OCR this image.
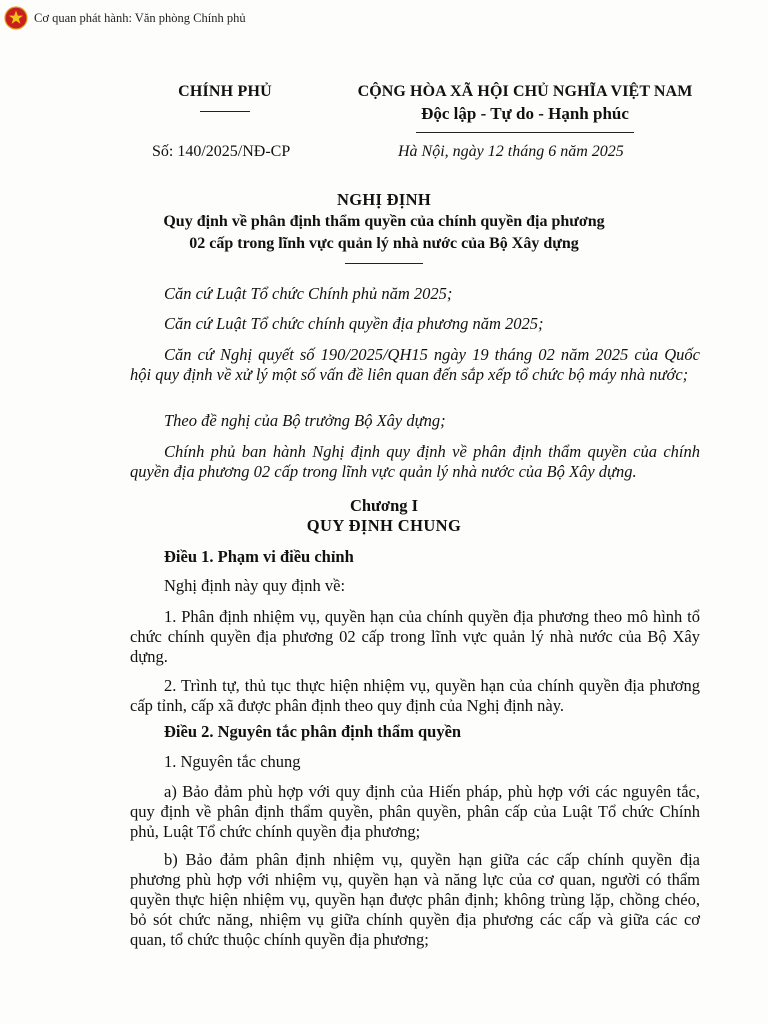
Cơ quan phát hành: Văn phòng Chính phủ
CHÍNH PHỦ	CỘNG HÒA XÃ HỘI CHỦ NGHĨA VIỆT NAM
Độc lập - Tự do - Hạnh phúc
Số: 140/2025/NĐ-CP	Hà Nội, ngày 12 tháng 6 năm 2025
NGHỊ ĐỊNH
Quy định về phân định thẩm quyền của chính quyền địa phương
02 cấp trong lĩnh vực quản lý nhà nước của Bộ Xây dựng
Căn cứ Luật Tổ chức Chính phủ năm 2025;
Căn cứ Luật Tổ chức chính quyền địa phương năm 2025;
Căn cứ Nghị quyết số 190/2025/QH15 ngày 19 tháng 02 năm 2025 của Quốc hội quy định về xử lý một số vấn đề liên quan đến sắp xếp tổ chức bộ máy nhà nước;
Theo đề nghị của Bộ trưởng Bộ Xây dựng;
Chính phủ ban hành Nghị định quy định về phân định thẩm quyền của chính quyền địa phương 02 cấp trong lĩnh vực quản lý nhà nước của Bộ Xây dựng.
Chương I
QUY ĐỊNH CHUNG
Điều 1. Phạm vi điều chỉnh
Nghị định này quy định về:
1. Phân định nhiệm vụ, quyền hạn của chính quyền địa phương theo mô hình tổ chức chính quyền địa phương 02 cấp trong lĩnh vực quản lý nhà nước của Bộ Xây dựng.
2. Trình tự, thủ tục thực hiện nhiệm vụ, quyền hạn của chính quyền địa phương cấp tỉnh, cấp xã được phân định theo quy định của Nghị định này.
Điều 2. Nguyên tắc phân định thẩm quyền
1. Nguyên tắc chung
a) Bảo đảm phù hợp với quy định của Hiến pháp, phù hợp với các nguyên tắc, quy định về phân định thẩm quyền, phân quyền, phân cấp của Luật Tổ chức Chính phủ, Luật Tổ chức chính quyền địa phương;
b) Bảo đảm phân định nhiệm vụ, quyền hạn giữa các cấp chính quyền địa phương phù hợp với nhiệm vụ, quyền hạn và năng lực của cơ quan, người có thẩm quyền thực hiện nhiệm vụ, quyền hạn được phân định; không trùng lặp, chồng chéo, bỏ sót chức năng, nhiệm vụ giữa chính quyền địa phương các cấp và giữa các cơ quan, tổ chức thuộc chính quyền địa phương;
